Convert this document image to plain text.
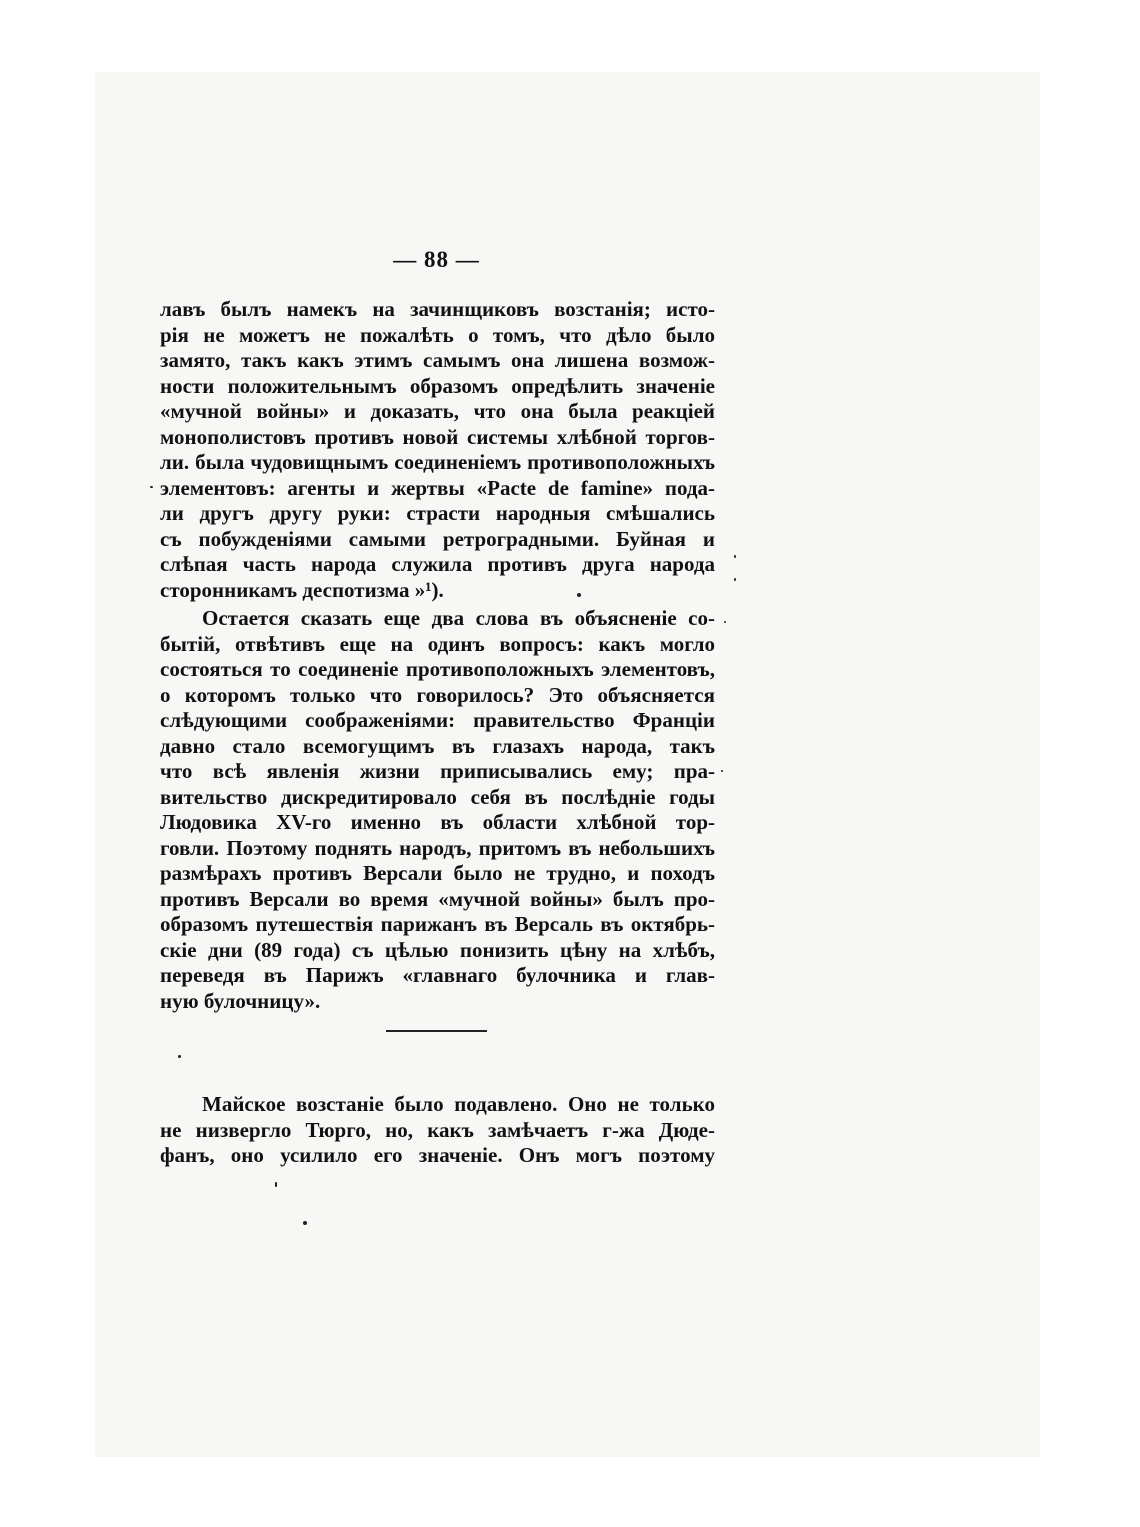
— 88 —
лавъ былъ намекъ на зачинщиковъ возстанія; исто-
рія не можетъ не пожалѣть о томъ, что дѣло было
замято, такъ какъ этимъ самымъ она лишена возмож-
ности положительнымъ образомъ опредѣлить значеніе
«мучной войны» и доказать, что она была реакціей
монополистовъ противъ новой системы хлѣбной торгов-
ли. была чудовищнымъ соединеніемъ противоположныхъ
элементовъ: агенты и жертвы «Pacte de famine» пода-
ли другъ другу руки: страсти народныя смѣшались
съ побужденіями самыми ретроградными. Буйная и
слѣпая часть народа служила противъ друга народа
сторонникамъ деспотизма »¹).
Остается сказать еще два слова въ объясненіе со-
бытій, отвѣтивъ еще на одинъ вопросъ: какъ могло
состояться то соединеніе противоположныхъ элементовъ,
о которомъ только что говорилось? Это объясняется
слѣдующими соображеніями: правительство Франціи
давно стало всемогущимъ въ глазахъ народа, такъ
что всѣ явленія жизни приписывались ему; пра-
вительство дискредитировало себя въ послѣдніе годы
Людовика XV-го именно въ области хлѣбной тор-
говли. Поэтому поднять народъ, притомъ въ небольшихъ
размѣрахъ противъ Версали было не трудно, и походъ
противъ Версали во время «мучной войны» былъ про-
образомъ путешествія парижанъ въ Версаль въ октябрь-
скіе дни (89 года) съ цѣлью понизить цѣну на хлѣбъ,
переведя въ Парижъ «главнаго булочника и глав-
ную булочницу».
Майское возстаніе было подавлено. Оно не только
не низвергло Тюрго, но, какъ замѣчаетъ г-жа Дюде-
фанъ, оно усилило его значеніе. Онъ могъ поэтому
